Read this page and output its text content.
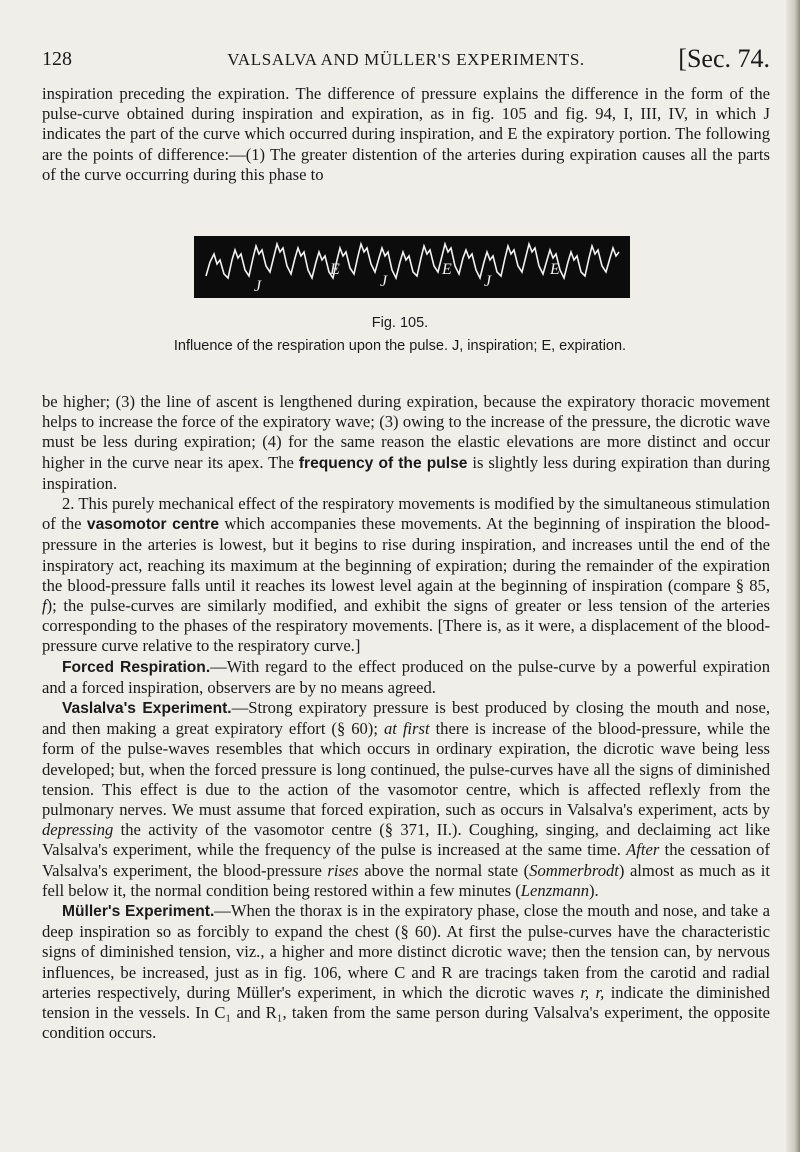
128	VALSALVA AND MÜLLER'S EXPERIMENTS.	[Sec. 74.

inspiration preceding the expiration. The difference of pressure explains the difference in the form of the pulse-curve obtained during inspiration and expiration, as in fig. 105 and fig. 94, I, III, IV, in which J indicates the part of the curve which occurred during inspiration, and E the expiratory portion. The following are the points of difference:—(1) The greater distention of the arteries during expiration causes all the parts of the curve occurring during this phase to

J
E
J
E
J
E
Fig. 105.
Influence of the respiration upon the pulse. J, inspiration; E, expiration.

be higher; (3) the line of ascent is lengthened during expiration, because the expiratory thoracic movement helps to increase the force of the expiratory wave; (3) owing to the increase of the pressure, the dicrotic wave must be less during expiration; (4) for the same reason the elastic elevations are more distinct and occur higher in the curve near its apex. The frequency of the pulse is slightly less during expiration than during inspiration.

2. This purely mechanical effect of the respiratory movements is modified by the simultaneous stimulation of the vasomotor centre which accompanies these movements. At the beginning of inspiration the blood-pressure in the arteries is lowest, but it begins to rise during inspiration, and increases until the end of the inspiratory act, reaching its maximum at the beginning of expiration; during the remainder of the expiration the blood-pressure falls until it reaches its lowest level again at the beginning of inspiration (compare § 85, f); the pulse-curves are similarly modified, and exhibit the signs of greater or less tension of the arteries corresponding to the phases of the respiratory movements. [There is, as it were, a displacement of the blood-pressure curve relative to the respiratory curve.]

Forced Respiration.—With regard to the effect produced on the pulse-curve by a powerful expiration and a forced inspiration, observers are by no means agreed.

Vaslalva's Experiment.—Strong expiratory pressure is best produced by closing the mouth and nose, and then making a great expiratory effort (§ 60); at first there is increase of the blood-pressure, while the form of the pulse-waves resembles that which occurs in ordinary expiration, the dicrotic wave being less developed; but, when the forced pressure is long continued, the pulse-curves have all the signs of diminished tension. This effect is due to the action of the vasomotor centre, which is affected reflexly from the pulmonary nerves. We must assume that forced expiration, such as occurs in Valsalva's experiment, acts by depressing the activity of the vasomotor centre (§ 371, II.). Coughing, singing, and declaiming act like Valsalva's experiment, while the frequency of the pulse is increased at the same time. After the cessation of Valsalva's experiment, the blood-pressure rises above the normal state (Sommerbrodt) almost as much as it fell below it, the normal condition being restored within a few minutes (Lenzmann).

Müller's Experiment.—When the thorax is in the expiratory phase, close the mouth and nose, and take a deep inspiration so as forcibly to expand the chest (§ 60). At first the pulse-curves have the characteristic signs of diminished tension, viz., a higher and more distinct dicrotic wave; then the tension can, by nervous influences, be increased, just as in fig. 106, where C and R are tracings taken from the carotid and radial arteries respectively, during Müller's experiment, in which the dicrotic waves r, r, indicate the diminished tension in the vessels. In C₁ and R₁, taken from the same person during Valsalva's experiment, the opposite condition occurs.
